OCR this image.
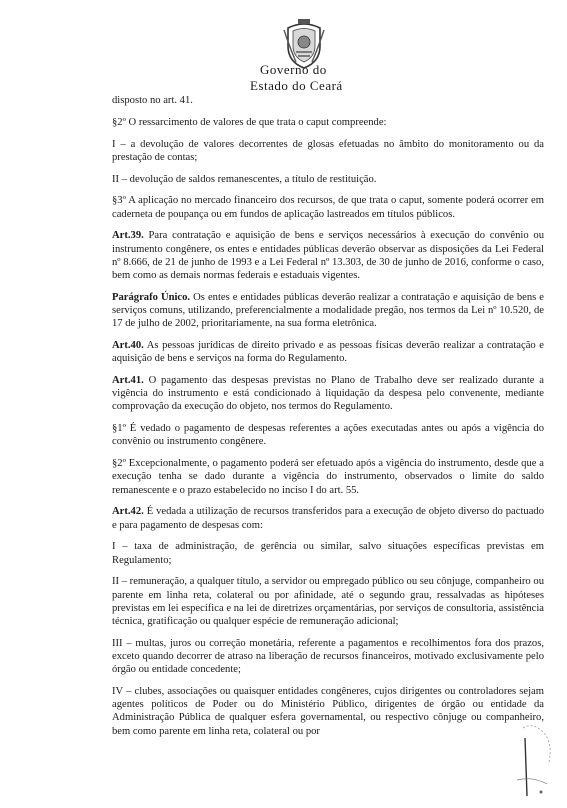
Governo do
Estado do Ceará

disposto no art. 41.

§2º O ressarcimento de valores de que trata o caput compreende:

I – a devolução de valores decorrentes de glosas efetuadas no âmbito do monitoramento ou da prestação de contas;

II – devolução de saldos remanescentes, a título de restituição.

§3º A aplicação no mercado financeiro dos recursos, de que trata o caput, somente poderá ocorrer em caderneta de poupança ou em fundos de aplicação lastreados em títulos públicos.

Art.39. Para contratação e aquisição de bens e serviços necessários à execução do convênio ou instrumento congênere, os entes e entidades públicas deverão observar as disposições da Lei Federal nº 8.666, de 21 de junho de 1993 e a Lei Federal nº 13.303, de 30 de junho de 2016, conforme o caso, bem como as demais normas federais e estaduais vigentes.

Parágrafo Único. Os entes e entidades públicas deverão realizar a contratação e aquisição de bens e serviços comuns, utilizando, preferencialmente a modalidade pregão, nos termos da Lei nº 10.520, de 17 de julho de 2002, prioritariamente, na sua forma eletrônica.

Art.40. As pessoas jurídicas de direito privado e as pessoas físicas deverão realizar a contratação e aquisição de bens e serviços na forma do Regulamento.

Art.41. O pagamento das despesas previstas no Plano de Trabalho deve ser realizado durante a vigência do instrumento e está condicionado à liquidação da despesa pelo convenente, mediante comprovação da execução do objeto, nos termos do Regulamento.

§1º É vedado o pagamento de despesas referentes a ações executadas antes ou após a vigência do convênio ou instrumento congênere.

§2º Excepcionalmente, o pagamento poderá ser efetuado após a vigência do instrumento, desde que a execução tenha se dado durante a vigência do instrumento, observados o limite do saldo remanescente e o prazo estabelecido no inciso I do art. 55.

Art.42. É vedada a utilização de recursos transferidos para a execução de objeto diverso do pactuado e para pagamento de despesas com:

I – taxa de administração, de gerência ou similar, salvo situações específicas previstas em Regulamento;

II – remuneração, a qualquer título, a servidor ou empregado público ou seu cônjuge, companheiro ou parente em linha reta, colateral ou por afinidade, até o segundo grau, ressalvadas as hipóteses previstas em lei específica e na lei de diretrizes orçamentárias, por serviços de consultoria, assistência técnica, gratificação ou qualquer espécie de remuneração adicional;

III – multas, juros ou correção monetária, referente a pagamentos e recolhimentos fora dos prazos, exceto quando decorrer de atraso na liberação de recursos financeiros, motivado exclusivamente pelo órgão ou entidade concedente;

IV – clubes, associações ou quaisquer entidades congêneres, cujos dirigentes ou controladores sejam agentes políticos de Poder ou do Ministério Público, dirigentes de órgão ou entidade da Administração Pública de qualquer esfera governamental, ou respectivo cônjuge ou companheiro, bem como parente em linha reta, colateral ou por
